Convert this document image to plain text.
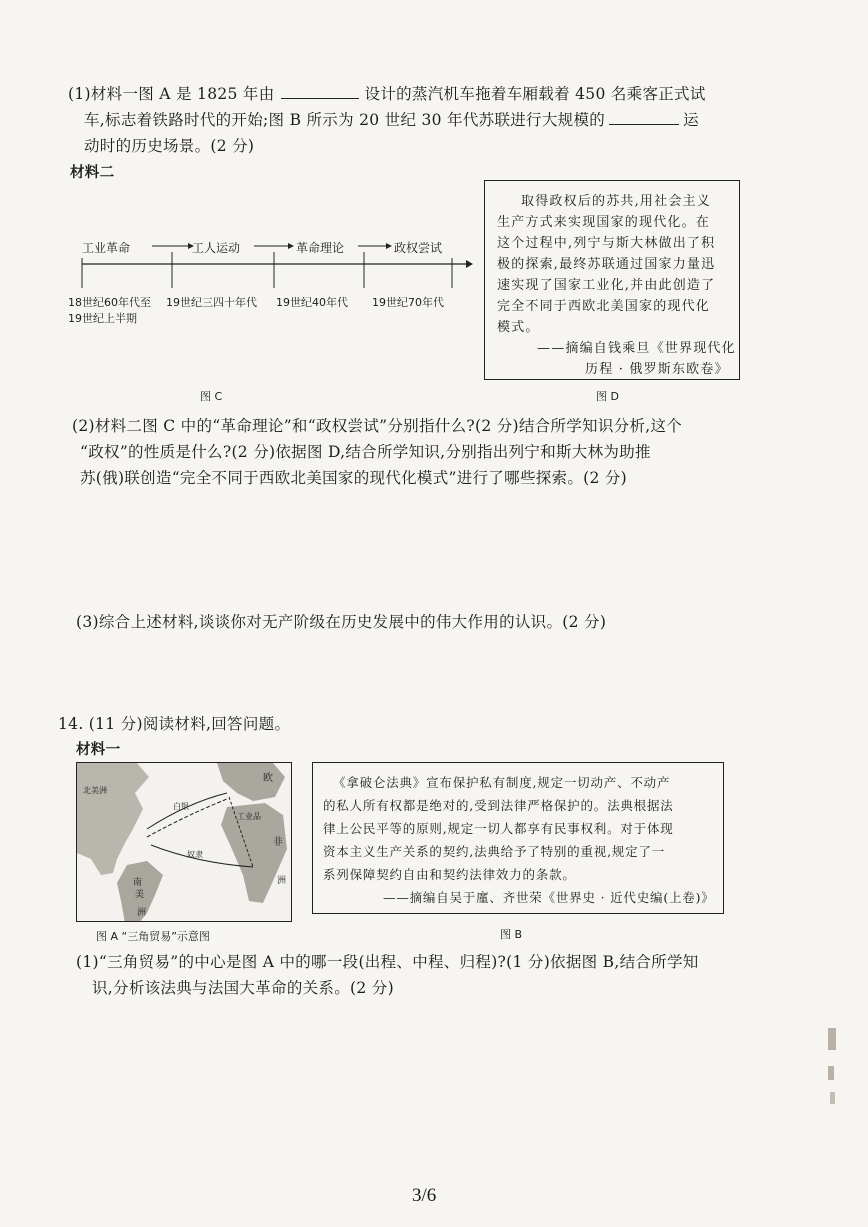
(1)材料一图 A 是 1825 年由	设计的蒸汽机车拖着车厢载着 450 名乘客正式试
车,标志着铁路时代的开始;图 B 所示为 20 世纪 30 年代苏联进行大规模的	运
动时的历史场景。(2 分)
材料二
工业革命	工人运动	革命理论	政权尝试
18世纪60年代至
19世纪上半期
19世纪三四十年代 19世纪40年代 19世纪70年代
取得政权后的苏共,用社会主义
生产方式来实现国家的现代化。在
这个过程中,列宁与斯大林做出了积
极的探索,最终苏联通过国家力量迅
速实现了国家工业化,并由此创造了
完全不同于西欧北美国家的现代化
模式。
——摘编自钱乘旦《世界现代化
历程 · 俄罗斯东欧卷》
图 C	图 D
(2)材料二图 C 中的“革命理论”和“政权尝试”分别指什么?(2 分)结合所学知识分析,这个
“政权”的性质是什么?(2 分)依据图 D,结合所学知识,分别指出列宁和斯大林为助推
苏(俄)联创造“完全不同于西欧北美国家的现代化模式”进行了哪些探索。(2 分)
(3)综合上述材料,谈谈你对无产阶级在历史发展中的伟大作用的认识。(2 分)
14. (11 分)阅读材料,回答问题。
材料一
北美洲
欧
白银
工业品
非
奴隶
南
美
洲
洲
《拿破仑法典》宣布保护私有制度,规定一切动产、不动产
的私人所有权都是绝对的,受到法律严格保护的。法典根据法
律上公民平等的原则,规定一切人都享有民事权利。对于体现
资本主义生产关系的契约,法典给予了特别的重视,规定了一
系列保障契约自由和契约法律效力的条款。
——摘编自吴于廑、齐世荣《世界史 · 近代史编(上卷)》
图 A “三角贸易”示意图	图 B
(1)“三角贸易”的中心是图 A 中的哪一段(出程、中程、归程)?(1 分)依据图 B,结合所学知
识,分析该法典与法国大革命的关系。(2 分)
3/6
